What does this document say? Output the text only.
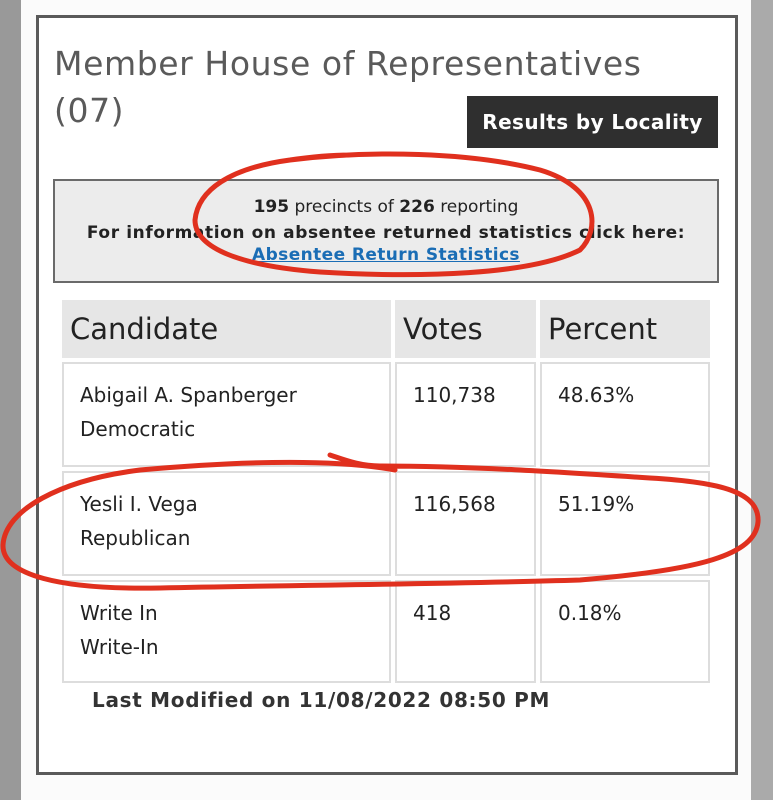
Member House of Representatives (07)	Results by Locality
195 precincts of 226 reporting
For information on absentee returned statistics click here:
Absentee Return Statistics
Candidate	Votes	Percent

Abigail A. Spanberger
Democratic	110,738	48.63%

Yesli I. Vega
Republican	116,568	51.19%

Write In
Write-In	418	0.18%
Last Modified on 11/08/2022 08:50 PM
